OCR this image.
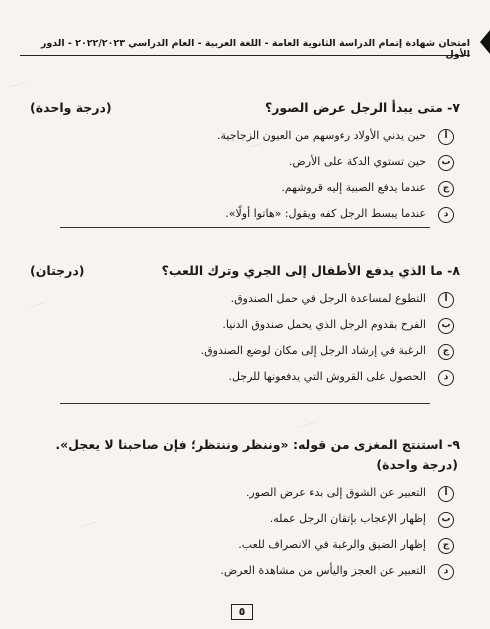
-----
-----
-----
-----
-----
امتحان شهادة إتمام الدراسة الثانوية العامة - اللغة العربية - العام الدراسي ٢٠٢٢/٢٠٢٣ - الدور
٧- متى يبدأ الرجل عرض الصور؟
(درجة واحدة)
أ
حين يدني الأولاد رءوسهم من العيون الزجاجية.
ب
حين تستوي الدكة على الأرض.
ج
عندما يدفع الصبية إليه قروشهم.
د
عندما يبسط الرجل كفه ويقول: «هاتوا أولًا».
٨- ما الذي يدفع الأطفال إلى الجري وترك اللعب؟
(درجتان)
أ
التطوع لمساعدة الرجل في حمل الصندوق.
ب
الفرح بقدوم الرجل الذي يحمل صندوق الدنيا.
ج
الرغبة في إرشاد الرجل إلى مكان لوضع الصندوق.
د
الحصول على القروش التي يدفعونها للرجل.
٩- استنتج المغزى من قوله: «وننظر وننتظر؛ فإن صاحبنا لا يعجل».
(درجة واحدة)
أ
التعبير عن الشوق إلى بدء عرض الصور.
ب
إظهار الإعجاب بإتقان الرجل عمله.
ج
إظهار الضيق والرغبة في الانصراف للعب.
د
التعبير عن العجز واليأس من مشاهدة العرض.
٥
